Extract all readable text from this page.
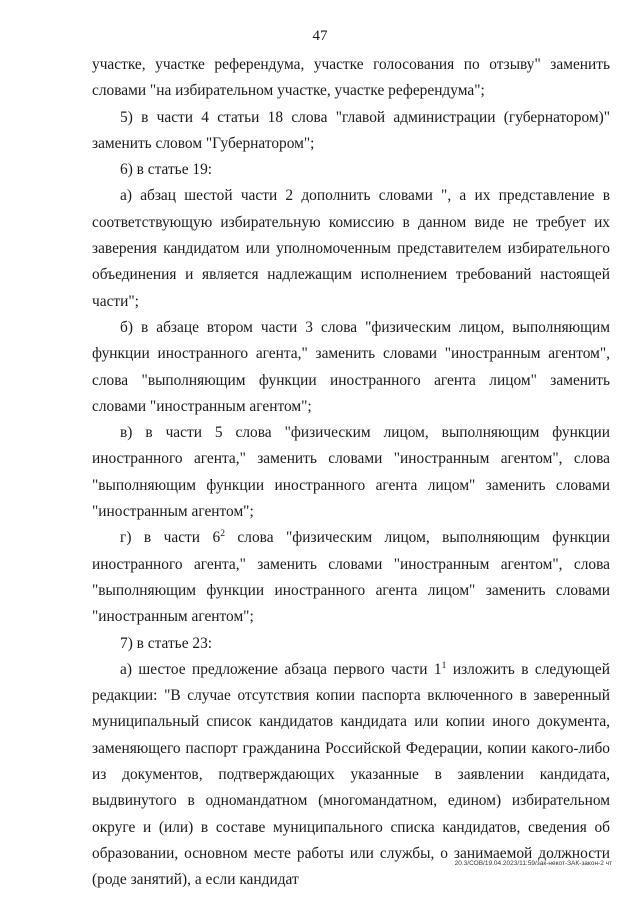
47

участке, участке референдума, участке голосования по отзыву" заменить словами "на избирательном участке, участке референдума";

5) в части 4 статьи 18 слова "главой администрации (губернатором)" заменить словом "Губернатором";

6) в статье 19:

а) абзац шестой части 2 дополнить словами ", а их представление в соответствующую избирательную комиссию в данном виде не требует их заверения кандидатом или уполномоченным представителем избирательного объединения и является надлежащим исполнением требований настоящей части";

б) в абзаце втором части 3 слова "физическим лицом, выполняющим функции иностранного агента," заменить словами "иностранным агентом", слова "выполняющим функции иностранного агента лицом" заменить словами "иностранным агентом";

в) в части 5 слова "физическим лицом, выполняющим функции иностранного агента," заменить словами "иностранным агентом", слова "выполняющим функции иностранного агента лицом" заменить словами "иностранным агентом";

г) в части $6^2$ слова "физическим лицом, выполняющим функции иностранного агента," заменить словами "иностранным агентом", слова "выполняющим функции иностранного агента лицом" заменить словами "иностранным агентом";

7) в статье 23:

а) шестое предложение абзаца первого части $1^1$ изложить в следующей редакции: "В случае отсутствия копии паспорта включенного в заверенный муниципальный список кандидатов кандидата или копии иного документа, заменяющего паспорт гражданина Российской Федерации, копии какого-либо из документов, подтверждающих указанные в заявлении кандидата, выдвинутого в одномандатном (многомандатном, едином) избирательном округе и (или) в составе муниципального списка кандидатов, сведения об образовании, основном месте работы или службы, о занимаемой должности (роде занятий), а если кандидат

20.3/СОВ/19.04.2023/11:59/зак-некот-ЗАК-закон-2 чт
